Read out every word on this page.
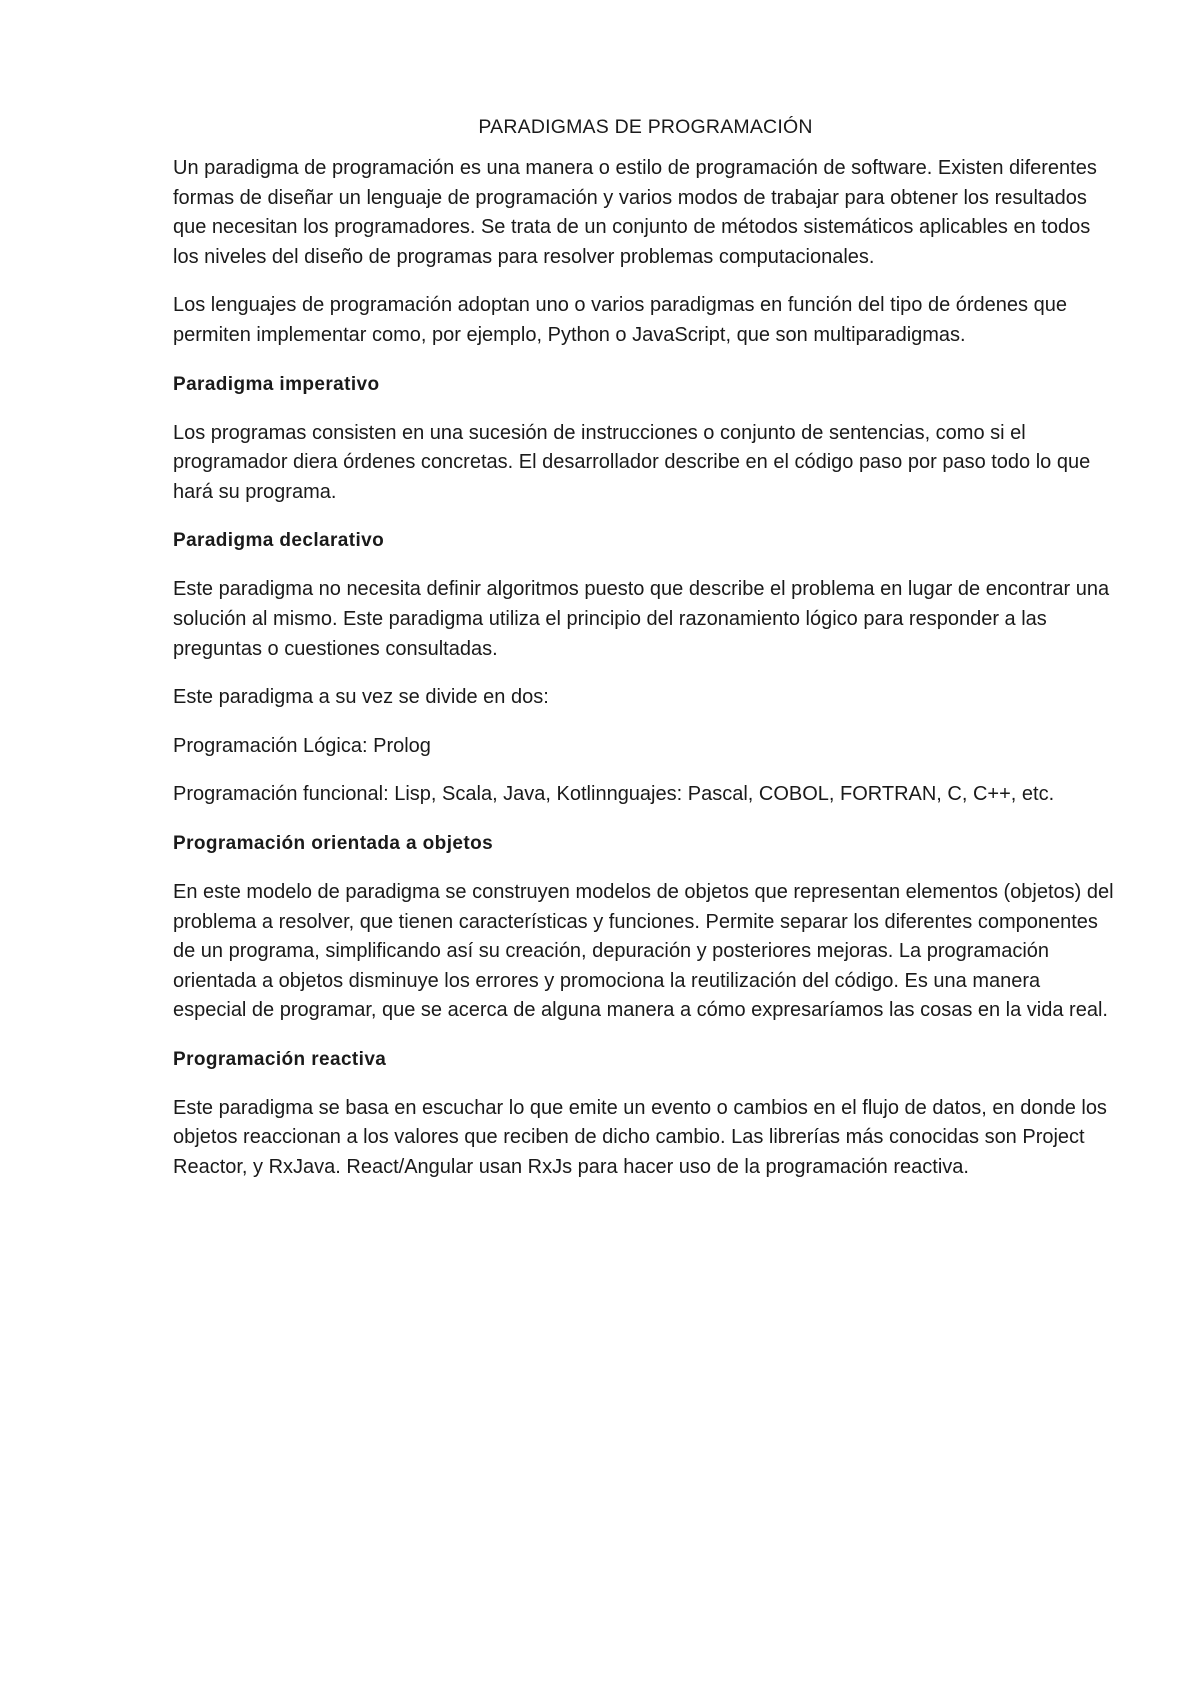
PARADIGMAS DE PROGRAMACIÓN

Un paradigma de programación es una manera o estilo de programación de software. Existen diferentes formas de diseñar un lenguaje de programación y varios modos de trabajar para obtener los resultados que necesitan los programadores. Se trata de un conjunto de métodos sistemáticos aplicables en todos los niveles del diseño de programas para resolver problemas computacionales.

Los lenguajes de programación adoptan uno o varios paradigmas en función del tipo de órdenes que permiten implementar como, por ejemplo, Python o JavaScript, que son multiparadigmas.

Paradigma imperativo

Los programas consisten en una sucesión de instrucciones o conjunto de sentencias, como si el programador diera órdenes concretas. El desarrollador describe en el código paso por paso todo lo que hará su programa.

Paradigma declarativo

Este paradigma no necesita definir algoritmos puesto que describe el problema en lugar de encontrar una solución al mismo. Este paradigma utiliza el principio del razonamiento lógico para responder a las preguntas o cuestiones consultadas.

Este paradigma a su vez se divide en dos:

Programación Lógica: Prolog

Programación funcional: Lisp, Scala, Java, Kotlinnguajes: Pascal, COBOL, FORTRAN, C, C++, etc.

Programación orientada a objetos

En este modelo de paradigma se construyen modelos de objetos que representan elementos (objetos) del problema a resolver, que tienen características y funciones. Permite separar los diferentes componentes de un programa, simplificando así su creación, depuración y posteriores mejoras. La programación orientada a objetos disminuye los errores y promociona la reutilización del código. Es una manera especial de programar, que se acerca de alguna manera a cómo expresaríamos las cosas en la vida real.

Programación reactiva

Este paradigma se basa en escuchar lo que emite un evento o cambios en el flujo de datos, en donde los objetos reaccionan a los valores que reciben de dicho cambio. Las librerías más conocidas son Project Reactor, y RxJava. React/Angular usan RxJs para hacer uso de la programación reactiva.
